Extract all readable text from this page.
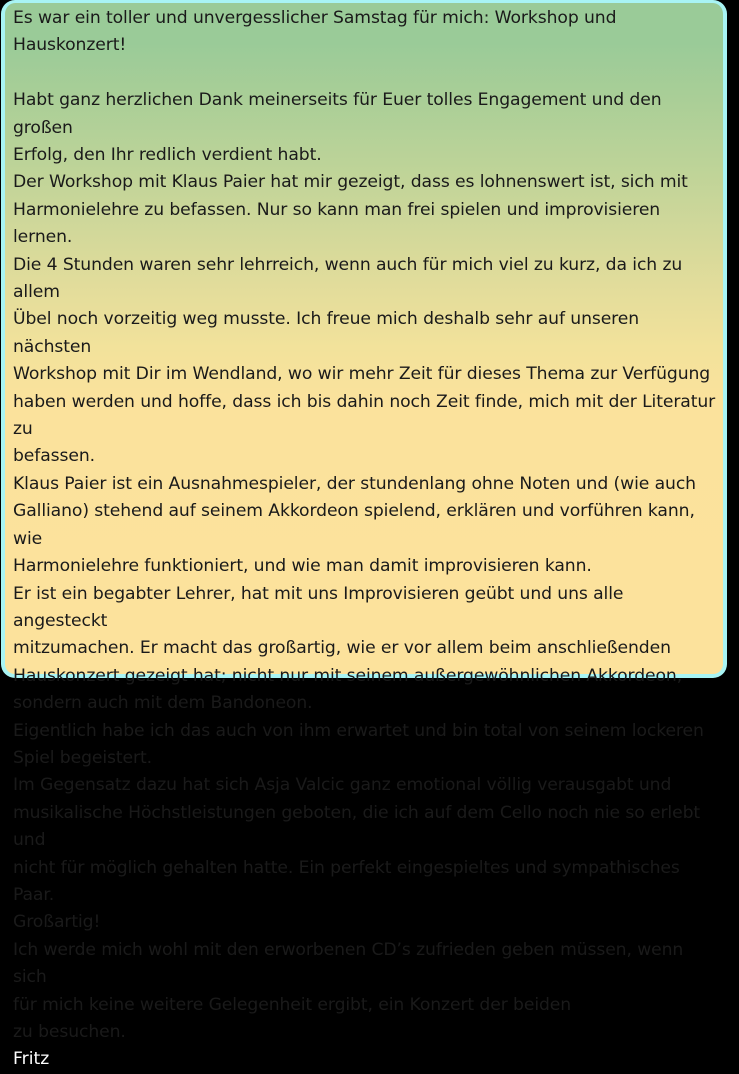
Es war ein toller und unvergesslicher Samstag für mich: Workshop und Hauskonzert!
Habt ganz herzlichen Dank meinerseits für Euer tolles Engagement und den großen
Erfolg, den Ihr redlich verdient habt.
Der Workshop mit Klaus Paier hat mir gezeigt, dass es lohnenswert ist, sich mit
Harmonielehre zu befassen. Nur so kann man frei spielen und improvisieren lernen.
Die 4 Stunden waren sehr lehrreich, wenn auch für mich viel zu kurz, da ich zu allem
Übel noch vorzeitig weg musste. Ich freue mich deshalb sehr auf unseren nächsten
Workshop mit Dir im Wendland, wo wir mehr Zeit für dieses Thema zur Verfügung
haben werden und hoffe, dass ich bis dahin noch Zeit finde, mich mit der Literatur zu
befassen.
Klaus Paier ist ein Ausnahmespieler, der stundenlang ohne Noten und (wie auch
Galliano) stehend auf seinem Akkordeon spielend, erklären und vorführen kann, wie
Harmonielehre funktioniert, und wie man damit improvisieren kann.
Er ist ein begabter Lehrer, hat mit uns Improvisieren geübt und uns alle angesteckt
mitzumachen. Er macht das großartig, wie er vor allem beim anschließenden
Hauskonzert gezeigt hat; nicht nur mit seinem außergewöhnlichen Akkordeon,
sondern auch mit dem Bandoneon.
Eigentlich habe ich das auch von ihm erwartet und bin total von seinem lockeren
Spiel begeistert.
Im Gegensatz dazu hat sich Asja Valcic ganz emotional völlig verausgabt und
musikalische Höchstleistungen geboten, die ich auf dem Cello noch nie so erlebt und
nicht für möglich gehalten hatte. Ein perfekt eingespieltes und sympathisches Paar.
Großartig!
Ich werde mich wohl mit den erworbenen CD’s zufrieden geben müssen, wenn sich
für mich keine weitere Gelegenheit ergibt, ein Konzert der beiden
zu besuchen.
Fritz
